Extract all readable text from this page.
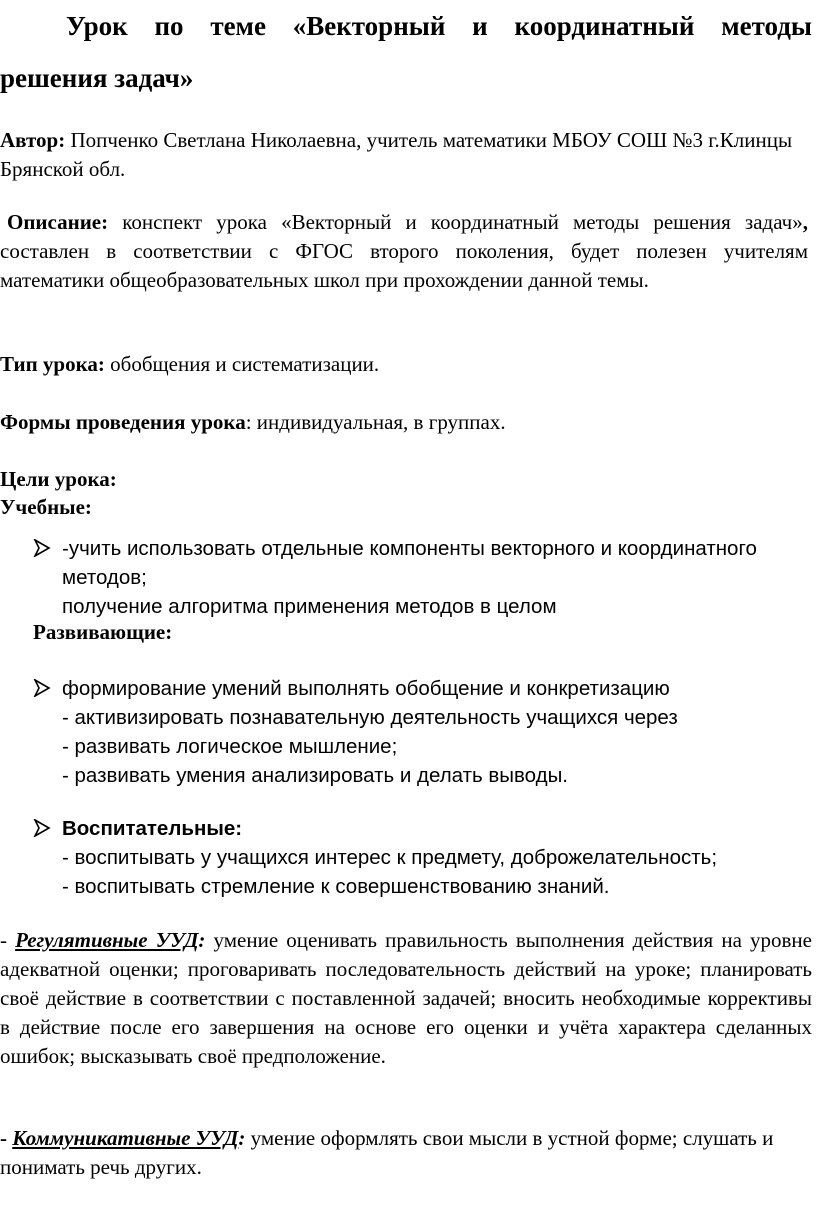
Урок по теме «Векторный и координатный методы
решения задач»

Автор: Попченко Светлана Николаевна, учитель математики МБОУ СОШ №3 г.Клинцы Брянской обл.

Описание: конспект урока «Векторный и координатный методы решения задач», составлен в соответствии с ФГОС второго поколения, будет полезен учителям математики общеобразовательных школ при прохождении данной темы.

Тип урока: обобщения и систематизации.

Формы проведения урока: индивидуальная, в группах.

Цели урока:

Учебные:

-учить использовать отдельные компоненты векторного и координатного методов;
получение алгоритма применения методов в целом

Развивающие:

формирование умений выполнять обобщение и конкретизацию
- активизировать познавательную деятельность учащихся через
- развивать логическое мышление;
- развивать умения анализировать и делать выводы.
Воспитательные:
- воспитывать у учащихся интерес к предмету, доброжелательность;
- воспитывать стремление к совершенствованию знаний.

- Регулятивные УУД: умение оценивать правильность выполнения действия на уровне адекватной оценки; проговаривать последовательность действий на уроке; планировать своё действие в соответствии с поставленной задачей; вносить необходимые коррективы в действие после его завершения на основе его оценки и учёта характера сделанных ошибок; высказывать своё предположение.

- Коммуникативные УУД: умение оформлять свои мысли в устной форме; слушать и понимать речь других.
